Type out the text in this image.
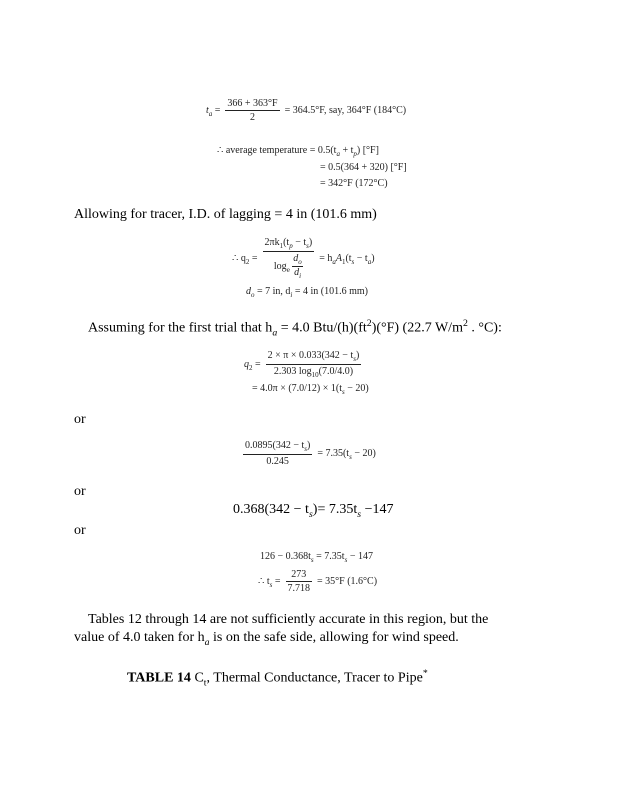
$t_a = \frac{366 + 363^\circ F}{2} = 364.5^\circ F$, say, 364°F (184°C)
∴ average temperature = $0.5(t_a + t_p)$ [°F]
= 0.5(364 + 320) [°F]
= 342°F (172°C)
Allowing for tracer, I.D. of lagging = 4 in (101.6 mm)
∴ $q_2 = \frac{2\pi k_1(t_p - t_s)}{\log_e \frac{d_o}{d_i}} = h_aA_1(t_s - t_a)$
$d_o = 7$ in, $d_i = 4$ in (101.6 mm)
Assuming for the first trial that $h_a = 4.0$ Btu/$(h)(ft^2)(^\circ F)$ (22.7 $W/m^2$ . °C):
$q_2 = \frac{2 \times \pi \times 0.033(342 - t_s)}{2.303 \log_{10}(7.0/4.0)}$
= $4.0\pi \times (7.0/12) \times 1(t_s - 20)$
or
$\frac{0.0895(342 - t_s)}{0.245} = 7.35(t_s - 20)$
or
$0.368(342 - t_s)= 7.35t_s -147$
or
$126 - 0.368t_s = 7.35t_s - 147$
∴ $t_s = \frac{273}{7.718} = 35^\circ F$ (1.6°C)
Tables 12 through 14 are not sufficiently accurate in this region, but the
value of 4.0 taken for $h_a$ is on the safe side, allowing for wind speed.
TABLE 14 $C_t$, Thermal Conductance, Tracer to Pipe*
